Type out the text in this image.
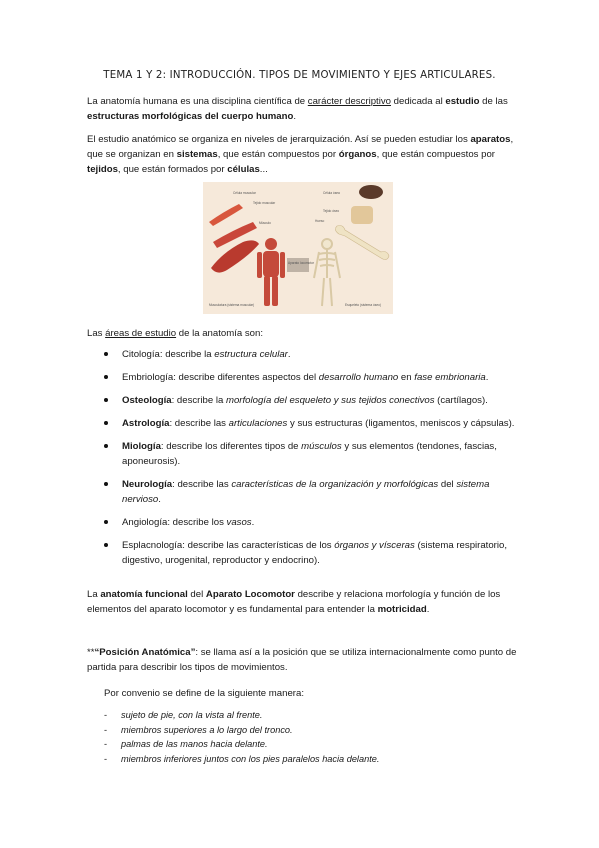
TEMA 1 Y 2: INTRODUCCIÓN. TIPOS DE MOVIMIENTO Y EJES ARTICULARES.
La anatomía humana es una disciplina científica de carácter descriptivo dedicada al estudio de las estructuras morfológicas del cuerpo humano.
El estudio anatómico se organiza en niveles de jerarquización. Así se pueden estudiar los aparatos, que se organizan en sistemas, que están compuestos por órganos, que están compuestos por tejidos, que están formados por células...
Célula muscular	Célula ósea
Tejido muscular
Tejido óseo
Músculo	Hueso
Aparato locomotor
Musculatura (sistema muscular)	Esqueleto (sistema óseo)
Las áreas de estudio de la anatomía son:
Citología: describe la estructura celular.
Embriología: describe diferentes aspectos del desarrollo humano en fase embrionaria.
Osteología: describe la morfología del esqueleto y sus tejidos conectivos (cartílagos).
Astrología: describe las articulaciones y sus estructuras (ligamentos, meniscos y cápsulas).
Miología: describe los diferentes tipos de músculos y sus elementos (tendones, fascias, aponeurosis).
Neurología: describe las características de la organización y morfológicas del sistema nervioso.
Angiología: describe los vasos.
Esplacnología: describe las características de los órganos y vísceras (sistema respiratorio, digestivo, urogenital, reproductor y endocrino).
La anatomía funcional del Aparato Locomotor describe y relaciona morfología y función de los elementos del aparato locomotor y es fundamental para entender la motricidad.
**“Posición Anatómica”: se llama así a la posición que se utiliza internacionalmente como punto de partida para describir los tipos de movimientos.
Por convenio se define de la siguiente manera:
- sujeto de pie, con la vista al frente.
- miembros superiores a lo largo del tronco.
- palmas de las manos hacia delante.
- miembros inferiores juntos con los pies paralelos hacia delante.
